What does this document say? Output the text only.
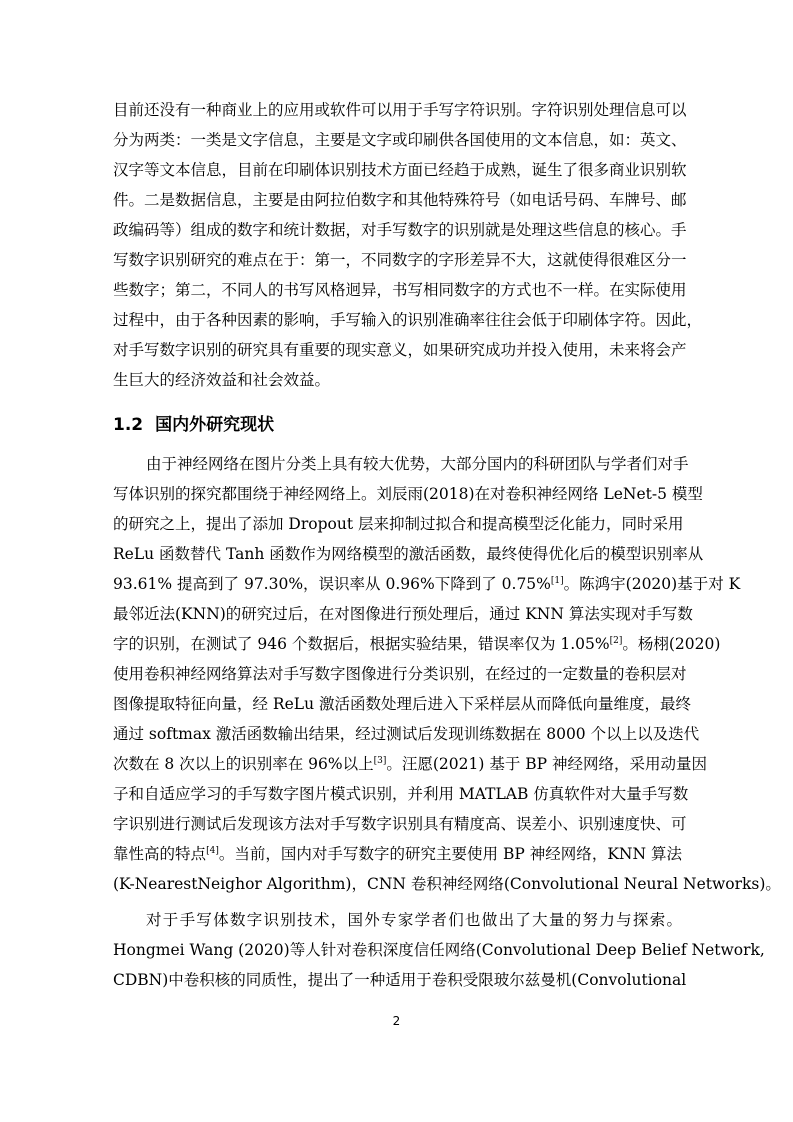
目前还没有一种商业上的应用或软件可以用于手写字符识别。字符识别处理信息可以
分为两类：一类是文字信息，主要是文字或印刷供各国使用的文本信息，如：英文、
汉字等文本信息，目前在印刷体识别技术方面已经趋于成熟，诞生了很多商业识别软
件。二是数据信息，主要是由阿拉伯数字和其他特殊符号（如电话号码、车牌号、邮
政编码等）组成的数字和统计数据，对手写数字的识别就是处理这些信息的核心。手
写数字识别研究的难点在于：第一，不同数字的字形差异不大，这就使得很难区分一
些数字；第二，不同人的书写风格迥异，书写相同数字的方式也不一样。在实际使用
过程中，由于各种因素的影响，手写输入的识别准确率往往会低于印刷体字符。因此，
对手写数字识别的研究具有重要的现实意义，如果研究成功并投入使用，未来将会产
生巨大的经济效益和社会效益。
1.2 国内外研究现状
由于神经网络在图片分类上具有较大优势，大部分国内的科研团队与学者们对手
写体识别的探究都围绕于神经网络上。刘辰雨(2018)在对卷积神经网络 LeNet-5 模型
的研究之上，提出了添加 Dropout 层来抑制过拟合和提高模型泛化能力，同时采用
ReLu 函数替代 Tanh 函数作为网络模型的激活函数，最终使得优化后的模型识别率从
93.61% 提高到了 97.30%，误识率从 0.96%下降到了 0.75%[1]。陈鸿宇(2020)基于对 K
最邻近法(KNN)的研究过后，在对图像进行预处理后，通过 KNN 算法实现对手写数
字的识别，在测试了 946 个数据后，根据实验结果，错误率仅为 1.05%[2]。杨栩(2020)
使用卷积神经网络算法对手写数字图像进行分类识别，在经过的一定数量的卷积层对
图像提取特征向量，经 ReLu 激活函数处理后进入下采样层从而降低向量维度，最终
通过 softmax 激活函数输出结果，经过测试后发现训练数据在 8000 个以上以及迭代
次数在 8 次以上的识别率在 96%以上[3]。汪愿(2021) 基于 BP 神经网络，采用动量因
子和自适应学习的手写数字图片模式识别，并利用 MATLAB 仿真软件对大量手写数
字识别进行测试后发现该方法对手写数字识别具有精度高、误差小、识别速度快、可
靠性高的特点[4]。当前，国内对手写数字的研究主要使用 BP 神经网络，KNN 算法
(K-NearestNeighor Algorithm)，CNN 卷积神经网络(Convolutional Neural Networks)。
对于手写体数字识别技术，国外专家学者们也做出了大量的努力与探索。
Hongmei Wang (2020)等人针对卷积深度信任网络(Convolutional Deep Belief Network,
CDBN)中卷积核的同质性，提出了一种适用于卷积受限玻尔兹曼机(Convolutional
2
